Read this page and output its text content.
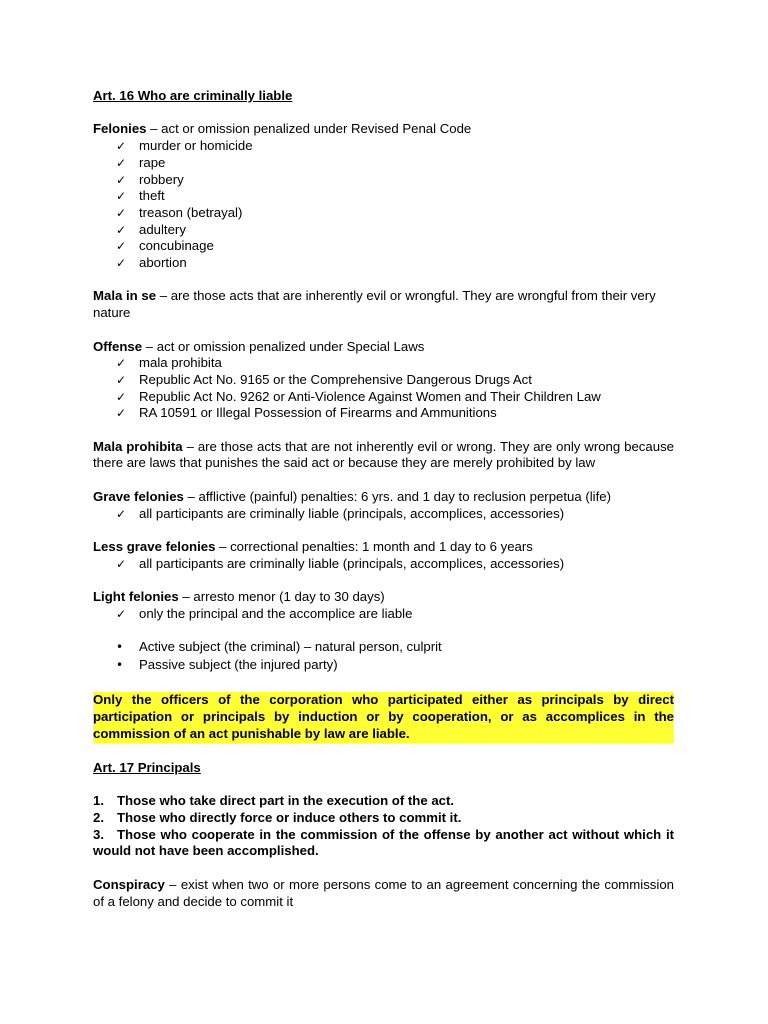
Art. 16 Who are criminally liable

Felonies – act or omission penalized under Revised Penal Code

✓ murder or homicide
✓ rape
✓ robbery
✓ theft
✓ treason (betrayal)
✓ adultery
✓ concubinage
✓ abortion

Mala in se – are those acts that are inherently evil or wrongful. They are wrongful from their very nature

Offense – act or omission penalized under Special Laws

✓ mala prohibita
✓ Republic Act No. 9165 or the Comprehensive Dangerous Drugs Act
✓ Republic Act No. 9262 or Anti-Violence Against Women and Their Children Law
✓ RA 10591 or Illegal Possession of Firearms and Ammunitions

Mala prohibita – are those acts that are not inherently evil or wrong. They are only wrong because there are laws that punishes the said act or because they are merely prohibited by law

Grave felonies – afflictive (painful) penalties: 6 yrs. and 1 day to reclusion perpetua (life)

✓ all participants are criminally liable (principals, accomplices, accessories)

Less grave felonies – correctional penalties: 1 month and 1 day to 6 years

✓ all participants are criminally liable (principals, accomplices, accessories)

Light felonies – arresto menor (1 day to 30 days)

✓ only the principal and the accomplice are liable
• Active subject (the criminal) – natural person, culprit
• Passive subject (the injured party)

Only the officers of the corporation who participated either as principals by direct participation or principals by induction or by cooperation, or as accomplices in the commission of an act punishable by law are liable.

Art. 17 Principals

1. Those who take direct part in the execution of the act.
2. Those who directly force or induce others to commit it.
3. Those who cooperate in the commission of the offense by another act without which it would not have been accomplished.

Conspiracy – exist when two or more persons come to an agreement concerning the commission of a felony and decide to commit it
